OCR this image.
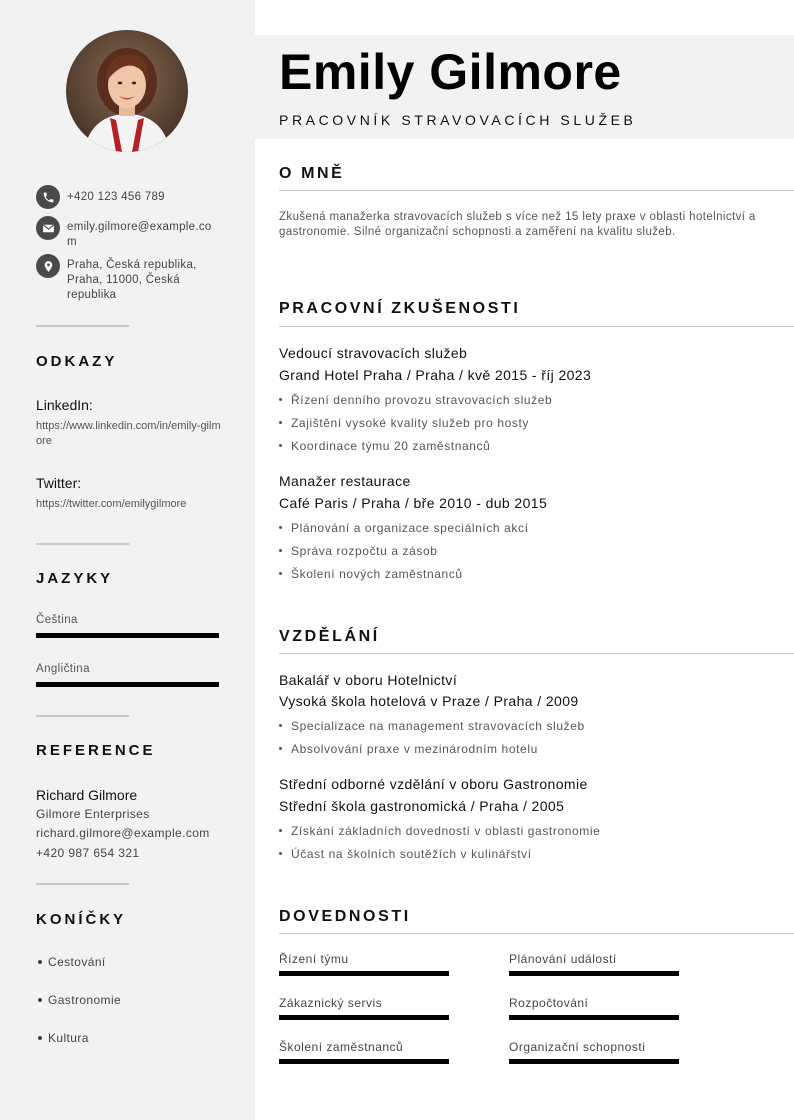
+420 123 456 789
emily.gilmore@example.com
Praha, Česká republika, Praha, 11000, Česká republika
ODKAZY
LinkedIn:
https://www.linkedin.com/in/emily-gilmore
Twitter:
https://twitter.com/emilygilmore
JAZYKY
Čeština
Angličtina
REFERENCE
Richard Gilmore
Gilmore Enterprises
richard.gilmore@example.com
+420 987 654 321
KONÍČKY
Cestování
Gastronomie
Kultura
Emily Gilmore
PRACOVNÍK STRAVOVACÍCH SLUŽEB
O MNĚ
Zkušená manažerka stravovacích služeb s více než 15 lety praxe v oblasti hotelnictví a gastronomie. Silné organizační schopnosti a zaměření na kvalitu služeb.
PRACOVNÍ ZKUŠENOSTI
Vedoucí stravovacích služeb
Grand Hotel Praha / Praha / kvě 2015 - říj 2023
Řízení denního provozu stravovacích služeb
Zajištění vysoké kvality služeb pro hosty
Koordinace týmu 20 zaměstnanců
Manažer restaurace
Café Paris / Praha / bře 2010 - dub 2015
Plánování a organizace speciálních akcí
Správa rozpočtu a zásob
Školení nových zaměstnanců
VZDĚLÁNÍ
Bakalář v oboru Hotelnictví
Vysoká škola hotelová v Praze / Praha / 2009
Specializace na management stravovacích služeb
Absolvování praxe v mezinárodním hotelu
Střední odborné vzdělání v oboru Gastronomie
Střední škola gastronomická / Praha / 2005
Získání základních dovedností v oblasti gastronomie
Účast na školních soutěžích v kulinářství
DOVEDNOSTI
Řízení týmu	Plánování událostí
Zákaznický servis	Rozpočtování
Školení zaměstnanců	Organizační schopnosti
